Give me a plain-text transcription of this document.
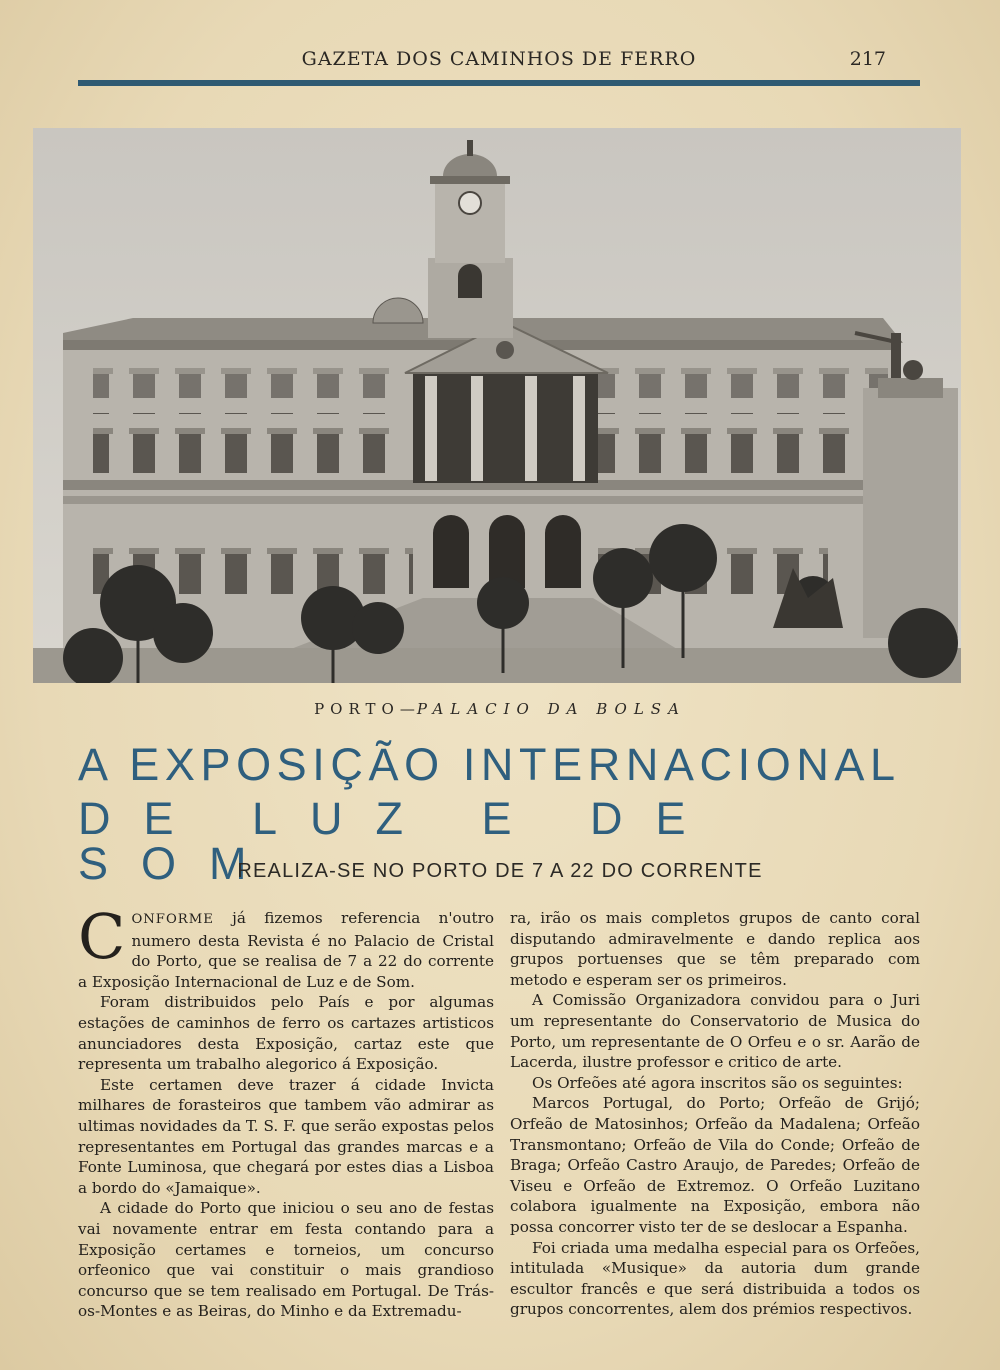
GAZETA DOS CAMINHOS DE FERRO	217
PORTO—PALACIO DA BOLSA
A EXPOSIÇÃO INTERNACIONAL
DE LUZ E DE SOM
REALIZA-SE NO PORTO DE 7 A 22 DO CORRENTE

CONFORME já fizemos referencia n'outro numero desta Revista é no Palacio de Cristal do Porto, que se realisa de 7 a 22 do corrente a Exposição Internacional de Luz e de Som.

Foram distribuidos pelo País e por algumas estações de caminhos de ferro os cartazes artisticos anunciadores desta Exposição, cartaz este que representa um trabalho alegorico á Exposição.

Este certamen deve trazer á cidade Invicta milhares de forasteiros que tambem vão admirar as ultimas novidades da T. S. F. que serão expostas pelos representantes em Portugal das grandes marcas e a Fonte Luminosa, que chegará por estes dias a Lisboa a bordo do «Jamaique».

A cidade do Porto que iniciou o seu ano de festas vai novamente entrar em festa contando para a Exposição certames e torneios, um concurso orfeonico que vai constituir o mais grandioso concurso que se tem realisado em Portugal. De Trás-os-Montes e as Beiras, do Minho e da Extremadu-

ra, irão os mais completos grupos de canto coral disputando admiravelmente e dando replica aos grupos portuenses que se têm preparado com metodo e esperam ser os primeiros.

A Comissão Organizadora convidou para o Juri um representante do Conservatorio de Musica do Porto, um representante de O Orfeu e o sr. Aarão de Lacerda, ilustre professor e critico de arte.

Os Orfeões até agora inscritos são os seguintes:

Marcos Portugal, do Porto; Orfeão de Grijó; Orfeão de Matosinhos; Orfeão da Madalena; Orfeão Transmontano; Orfeão de Vila do Conde; Orfeão de Braga; Orfeão Castro Araujo, de Paredes; Orfeão de Viseu e Orfeão de Extremoz. O Orfeão Luzitano colabora igualmente na Exposição, embora não possa concorrer visto ter de se deslocar a Espanha.

Foi criada uma medalha especial para os Orfeões, intitulada «Musique» da autoria dum grande escultor francês e que será distribuida a todos os grupos concorrentes, alem dos prémios respectivos.
